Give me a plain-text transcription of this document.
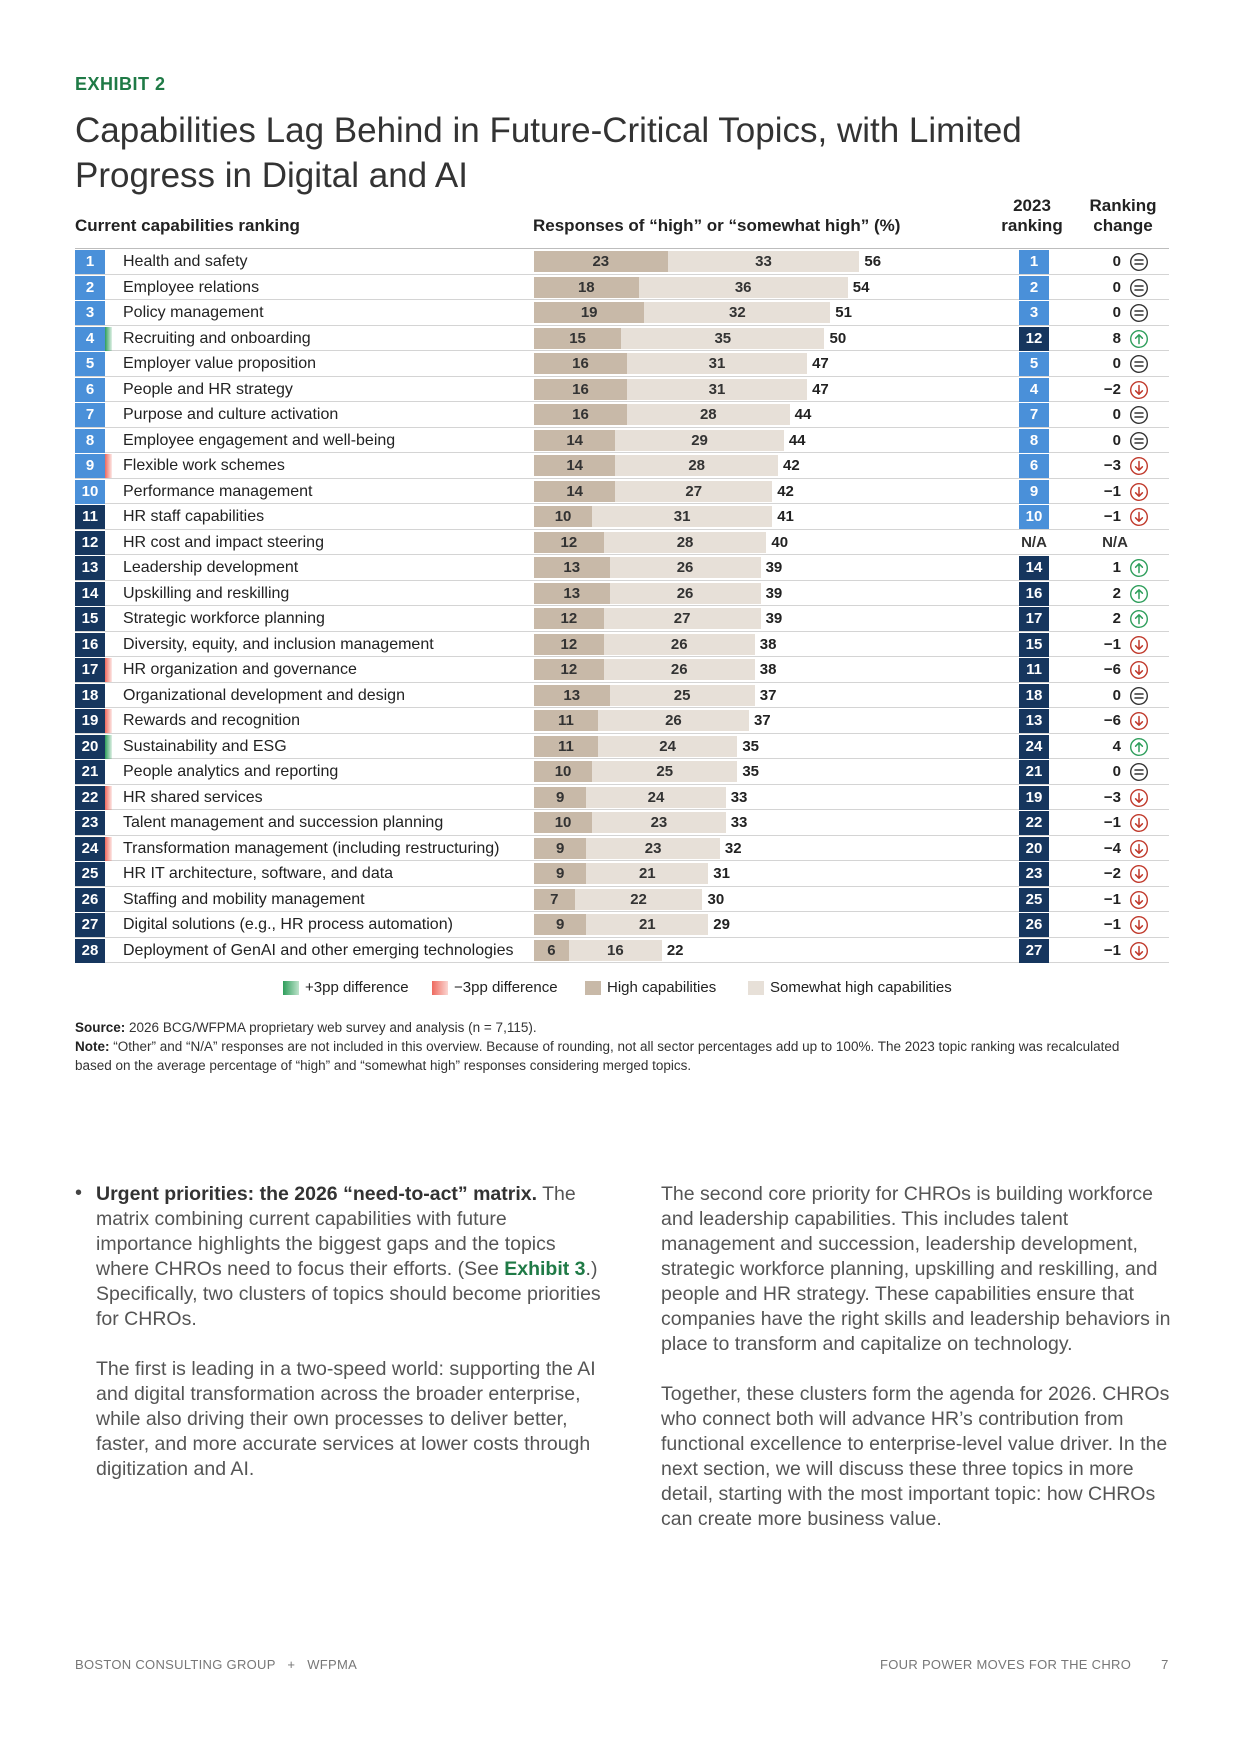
EXHIBIT 2
Capabilities Lag Behind in Future-Critical Topics, with Limited Progress in Digital and AI
Current capabilities ranking	Responses of “high” or “somewhat high” (%)
2023
ranking
Ranking
change
1	Health and safety	23	33	56	1	0
2	Employee relations	18	36	54	2	0
3	Policy management	19	32	51	3	0
4	Recruiting and onboarding	15	35	50	12	8
5	Employer value proposition	16	31	47	5	0
6	People and HR strategy	16	31	47	4	−2
7	Purpose and culture activation	16	28	44	7	0
8	Employee engagement and well-being	14	29	44	8	0
9	Flexible work schemes	14	28	42	6	−3
10	Performance management	14	27	42	9	−1
11	HR staff capabilities	10	31	41	10	−1
12	HR cost and impact steering	12	28	40	N/A	N/A
13	Leadership development	13	26	39	14	1
14	Upskilling and reskilling	13	26	39	16	2
15	Strategic workforce planning	12	27	39	17	2
16	Diversity, equity, and inclusion management	12	26	38	15	−1
17	HR organization and governance	12	26	38	11	−6
18	Organizational development and design	13	25	37	18	0
19	Rewards and recognition	11	26	37	13	−6
20	Sustainability and ESG	11	24	35	24	4
21	People analytics and reporting	10	25	35	21	0
22	HR shared services	9	24	33	19	−3
23	Talent management and succession planning	10	23	33	22	−1
24	Transformation management (including restructuring)	9	23	32	20	−4
25	HR IT architecture, software, and data	9	21	31	23	−2
26	Staffing and mobility management	7	22	30	25	−1
27	Digital solutions (e.g., HR process automation)	9	21	29	26	−1
28	Deployment of GenAI and other emerging technologies	6	16	22	27	−1
+3pp difference	−3pp difference	High capabilities	Somewhat high capabilities
Source: 2026 BCG/WFPMA proprietary web survey and analysis (n = 7,115).
Note: “Other” and “N/A” responses are not included in this overview. Because of rounding, not all sector percentages add up to 100%. The 2023 topic ranking was recalculated based on the average percentage of “high” and “somewhat high” responses considering merged topics.
• Urgent priorities: the 2026 “need-to-act” matrix. The matrix combining current capabilities with future importance highlights the biggest gaps and the topics where CHROs need to focus their efforts. (See Exhibit 3.) Specifically, two clusters of topics should become priorities for CHROs.

The first is leading in a two-speed world: supporting the AI and digital transformation across the broader enterprise, while also driving their own processes to deliver better, faster, and more accurate services at lower costs through digitization and AI.

The second core priority for CHROs is building workforce and leadership capabilities. This includes talent management and succession, leadership development, strategic workforce planning, upskilling and reskilling, and people and HR strategy. These capabilities ensure that companies have the right skills and leadership behaviors in place to transform and capitalize on technology.

Together, these clusters form the agenda for 2026. CHROs who connect both will advance HR’s contribution from functional excellence to enterprise-level value driver. In the next section, we will discuss these three topics in more detail, starting with the most important topic: how CHROs can create more business value.

BOSTON CONSULTING GROUP + WFPMA	FOUR POWER MOVES FOR THE CHRO 7
